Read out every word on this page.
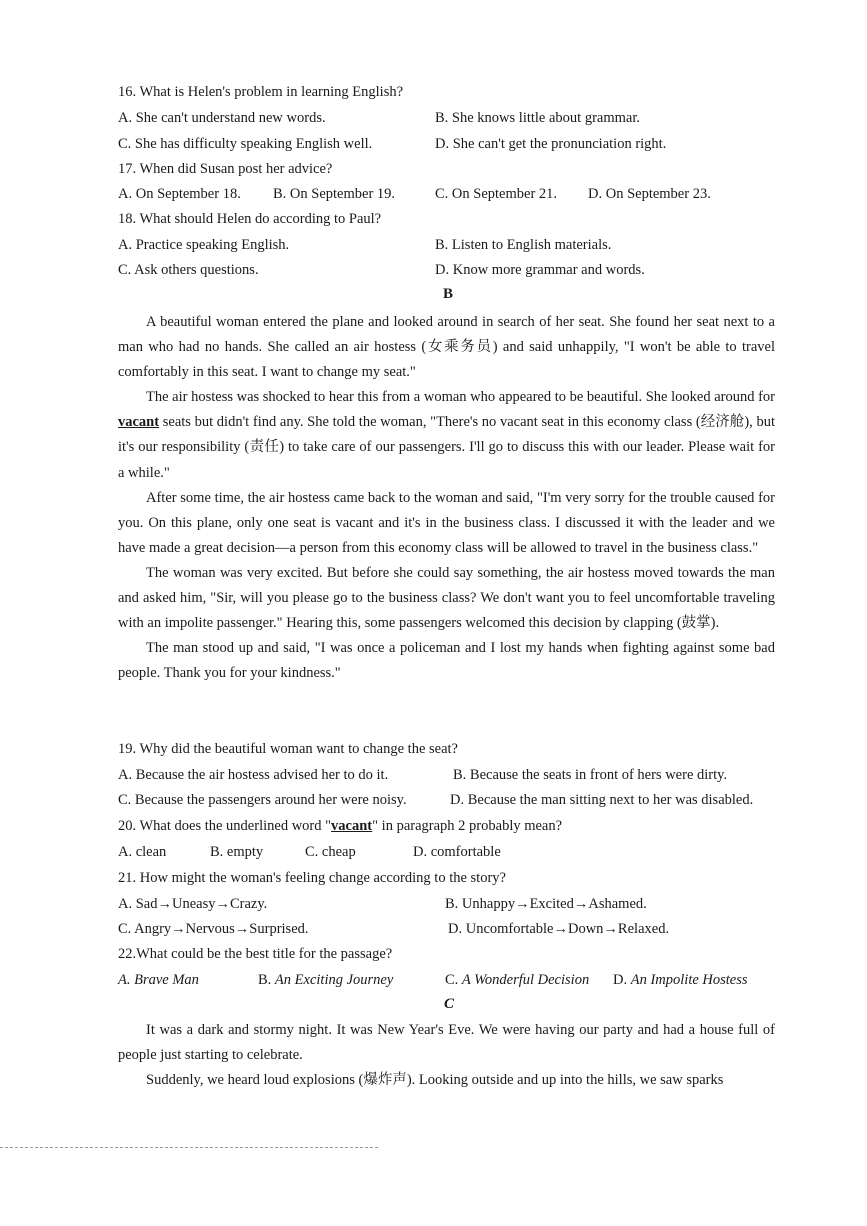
16. What is Helen's problem in learning English?
A. She can't understand new words.	B. She knows little about grammar.
C. She has difficulty speaking English well.	D. She can't get the pronunciation right.
17. When did Susan post her advice?
A. On September 18. B. On September 19.	C. On September 21. D. On September 23.
18. What should Helen do according to Paul?
A. Practice speaking English.	B. Listen to English materials.
C. Ask others questions.	D. Know more grammar and words.
B

A beautiful woman entered the plane and looked around in search of her seat. She found her seat next to a man who had no hands. She called an air hostess (女乘务员) and said unhappily, "I won't be able to travel comfortably in this seat. I want to change my seat."

The air hostess was shocked to hear this from a woman who appeared to be beautiful. She looked around for vacant seats but didn't find any. She told the woman, "There's no vacant seat in this economy class (经济舱), but it's our responsibility (责任) to take care of our passengers. I'll go to discuss this with our leader. Please wait for a while."

After some time, the air hostess came back to the woman and said, "I'm very sorry for the trouble caused for you. On this plane, only one seat is vacant and it's in the business class. I discussed it with the leader and we have made a great decision—a person from this economy class will be allowed to travel in the business class."

The woman was very excited. But before she could say something, the air hostess moved towards the man and asked him, "Sir, will you please go to the business class? We don't want you to feel uncomfortable traveling with an impolite passenger." Hearing this, some passengers welcomed this decision by clapping (鼓掌).

The man stood up and said, "I was once a policeman and I lost my hands when fighting against some bad people. Thank you for your kindness."

19. Why did the beautiful woman want to change the seat?
A. Because the air hostess advised her to do it.	B. Because the seats in front of hers were dirty.
C. Because the passengers around her were noisy.	D. Because the man sitting next to her was disabled.
20. What does the underlined word "vacant" in paragraph 2 probably mean?
A. clean	B. empty	C. cheap	D. comfortable
21. How might the woman's feeling change according to the story?
A. Sad→Uneasy→Crazy.	B. Unhappy→Excited→Ashamed.
C. Angry→Nervous→Surprised.	D. Uncomfortable→Down→Relaxed.
22.What could be the best title for the passage?
A. Brave Man	B. An Exciting Journey	C. A Wonderful Decision D. An Impolite Hostess
C

It was a dark and stormy night. It was New Year's Eve. We were having our party and had a house full of people just starting to celebrate.

Suddenly, we heard loud explosions (爆炸声). Looking outside and up into the hills, we saw sparks
